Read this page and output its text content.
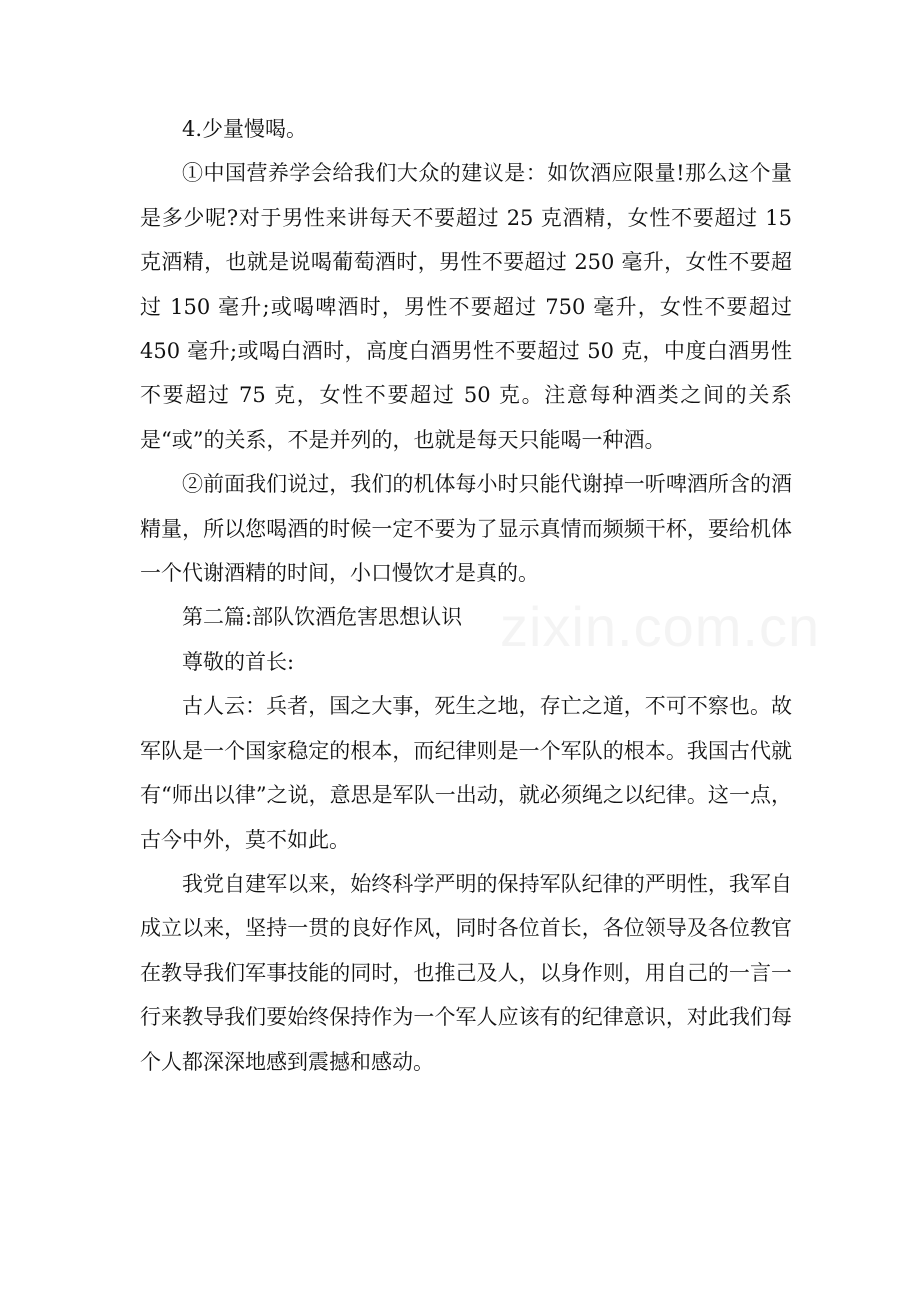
4.少量慢喝。

①中国营养学会给我们大众的建议是：如饮酒应限量!那么这个量是多少呢?对于男性来讲每天不要超过 25 克酒精，女性不要超过 15 克酒精，也就是说喝葡萄酒时，男性不要超过 250 毫升，女性不要超过 150 毫升;或喝啤酒时，男性不要超过 750 毫升，女性不要超过 450 毫升;或喝白酒时，高度白酒男性不要超过 50 克，中度白酒男性不要超过 75 克，女性不要超过 50 克。注意每种酒类之间的关系是“或”的关系，不是并列的，也就是每天只能喝一种酒。

②前面我们说过，我们的机体每小时只能代谢掉一听啤酒所含的酒精量，所以您喝酒的时候一定不要为了显示真情而频频干杯，要给机体一个代谢酒精的时间，小口慢饮才是真的。

第二篇:部队饮酒危害思想认识

尊敬的首长:

古人云：兵者，国之大事，死生之地，存亡之道，不可不察也。故军队是一个国家稳定的根本，而纪律则是一个军队的根本。我国古代就有“师出以律”之说，意思是军队一出动，就必须绳之以纪律。这一点，古今中外，莫不如此。

我党自建军以来，始终科学严明的保持军队纪律的严明性，我军自成立以来，坚持一贯的良好作风，同时各位首长，各位领导及各位教官在教导我们军事技能的同时，也推己及人，以身作则，用自己的一言一行来教导我们要始终保持作为一个军人应该有的纪律意识，对此我们每个人都深深地感到震撼和感动。

zixin.com.cn
